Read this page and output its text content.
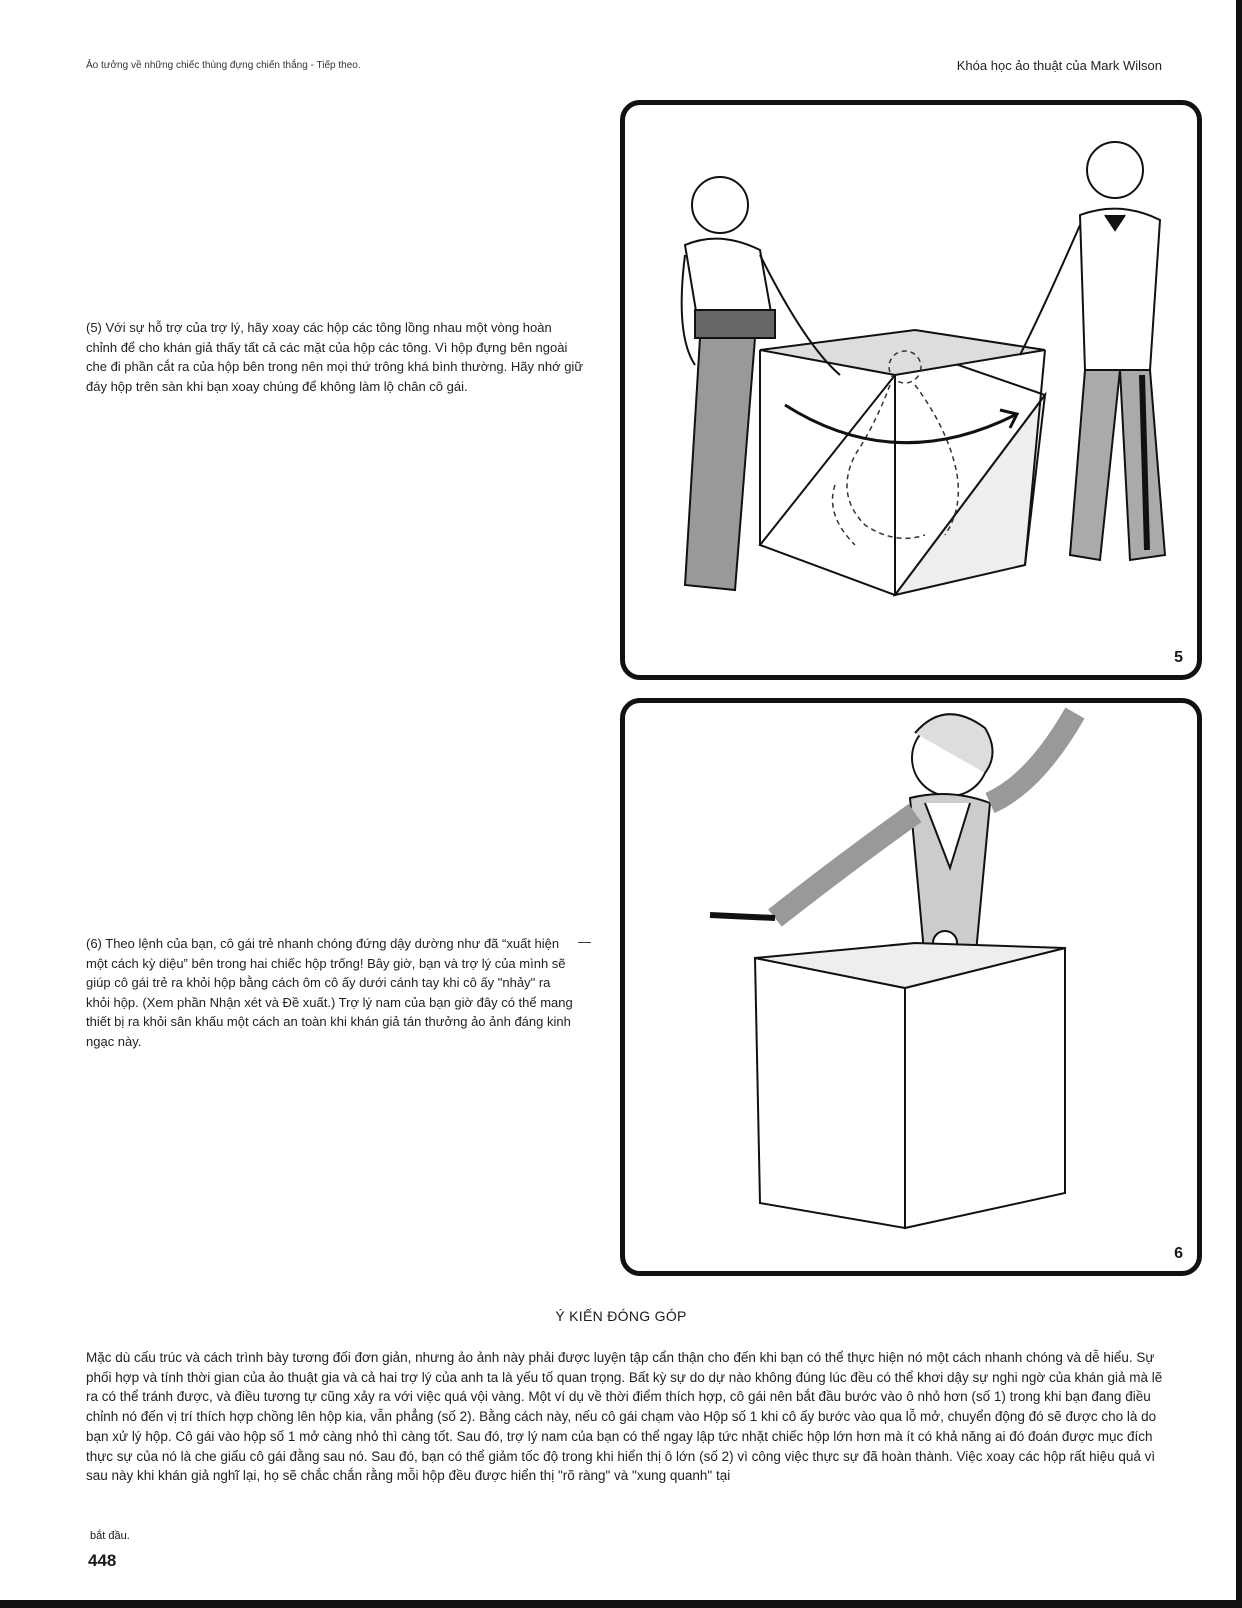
Ảo tưởng về những chiếc thùng đựng chiến thắng - Tiếp theo.	Khóa học ảo thuật của Mark Wilson
5
6
(5) Với sự hỗ trợ của trợ lý, hãy xoay các hộp các tông lồng nhau một vòng hoàn chỉnh để cho khán giả thấy tất cả các mặt của hộp các tông. Vì hộp đựng bên ngoài che đi phần cắt ra của hộp bên trong nên mọi thứ trông khá bình thường. Hãy nhớ giữ đáy hộp trên sàn khi bạn xoay chúng để không làm lộ chân cô gái.
(6) Theo lệnh của bạn, cô gái trẻ nhanh chóng đứng dậy dường như đã “xuất hiện một cách kỳ diệu” bên trong hai chiếc hộp trống! Bây giờ, bạn và trợ lý của mình sẽ giúp cô gái trẻ ra khỏi hộp bằng cách ôm cô ấy dưới cánh tay khi cô ấy "nhảy" ra khỏi hộp. (Xem phần Nhận xét và Đề xuất.) Trợ lý nam của bạn giờ đây có thể mang thiết bị ra khỏi sân khấu một cách an toàn khi khán giả tán thưởng ảo ảnh đáng kinh ngạc này.
—
Ý KIẾN ĐÓNG GÓP
Mặc dù cấu trúc và cách trình bày tương đối đơn giản, nhưng ảo ảnh này phải được luyện tập cẩn thận cho đến khi bạn có thể thực hiện nó một cách nhanh chóng và dễ hiểu. Sự phối hợp và tính thời gian của ảo thuật gia và cả hai trợ lý của anh ta là yếu tố quan trọng. Bất kỳ sự do dự nào không đúng lúc đều có thể khơi dậy sự nghi ngờ của khán giả mà lẽ ra có thể tránh được, và điều tương tự cũng xảy ra với việc quá vội vàng. Một ví dụ về thời điểm thích hợp, cô gái nên bắt đầu bước vào ô nhỏ hơn (số 1) trong khi bạn đang điều chỉnh nó đến vị trí thích hợp chồng lên hộp kia, vẫn phẳng (số 2). Bằng cách này, nếu cô gái chạm vào Hộp số 1 khi cô ấy bước vào qua lỗ mở, chuyển động đó sẽ được cho là do bạn xử lý hộp. Cô gái vào hộp số 1 mở càng nhỏ thì càng tốt. Sau đó, trợ lý nam của bạn có thể ngay lập tức nhặt chiếc hộp lớn hơn mà ít có khả năng ai đó đoán được mục đích thực sự của nó là che giấu cô gái đằng sau nó. Sau đó, bạn có thể giảm tốc độ trong khi hiển thị ô lớn (số 2) vì công việc thực sự đã hoàn thành. Việc xoay các hộp rất hiệu quả vì sau này khi khán giả nghĩ lại, họ sẽ chắc chắn rằng mỗi hộp đều được hiển thị "rõ ràng" và "xung quanh" tại
bắt đầu.
448
